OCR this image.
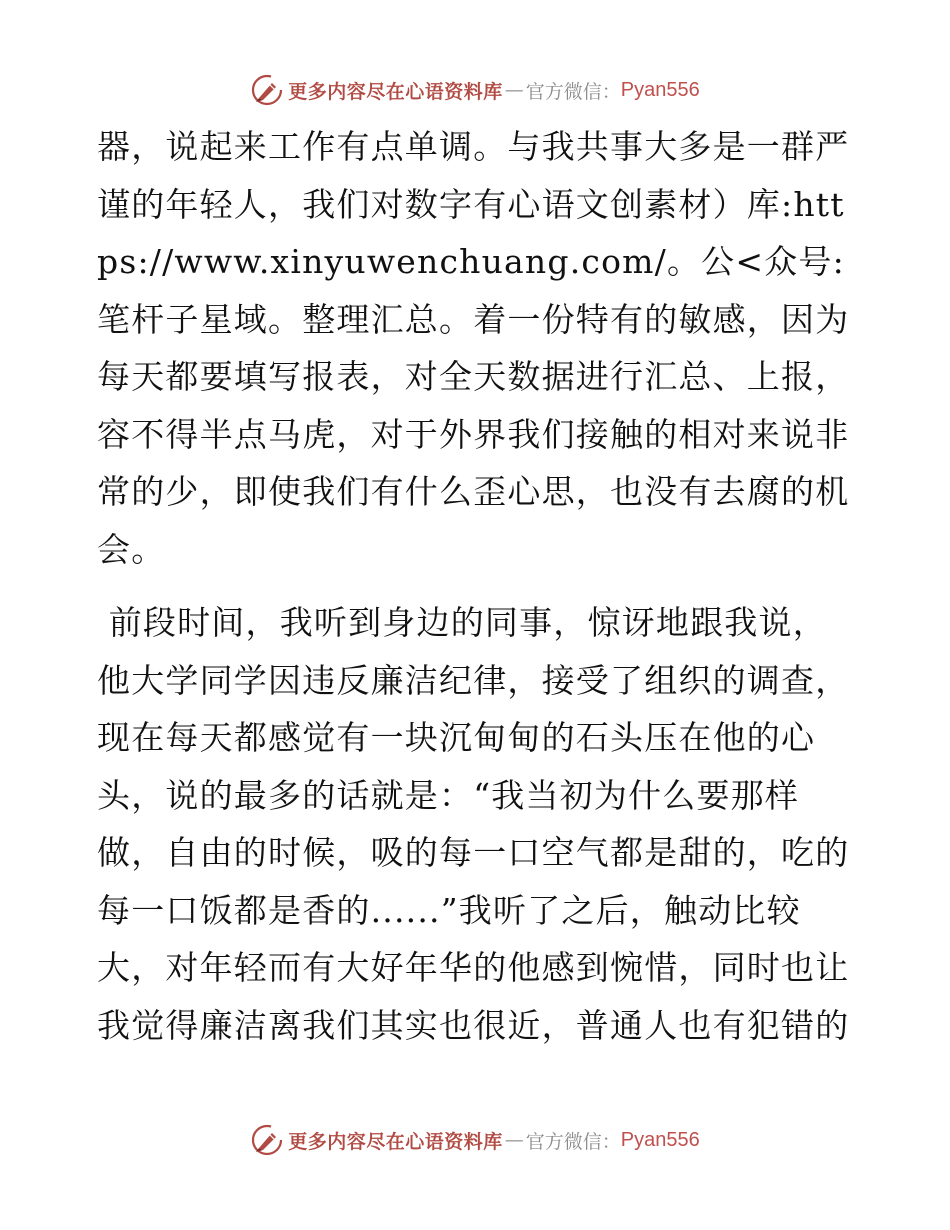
更多内容尽在心语资料库 — 官方微信： Pyan556

器，说起来工作有点单调。与我共事大多是一群严谨的年轻人，我们对数字有心语文创素材）库:https://www.xinyuwenchuang.com/。公<众号: 笔杆子星域。整理汇总。着一份特有的敏感，因为每天都要填写报表，对全天数据进行汇总、上报，容不得半点马虎，对于外界我们接触的相对来说非常的少，即使我们有什么歪心思，也没有去腐的机会。

前段时间，我听到身边的同事，惊讶地跟我说，他大学同学因违反廉洁纪律，接受了组织的调查，现在每天都感觉有一块沉甸甸的石头压在他的心头，说的最多的话就是：“我当初为什么要那样做，自由的时候，吸的每一口空气都是甜的，吃的每一口饭都是香的......”我听了之后，触动比较大，对年轻而有大好年华的他感到惋惜，同时也让我觉得廉洁离我们其实也很近，普通人也有犯错的

更多内容尽在心语资料库 — 官方微信： Pyan556
